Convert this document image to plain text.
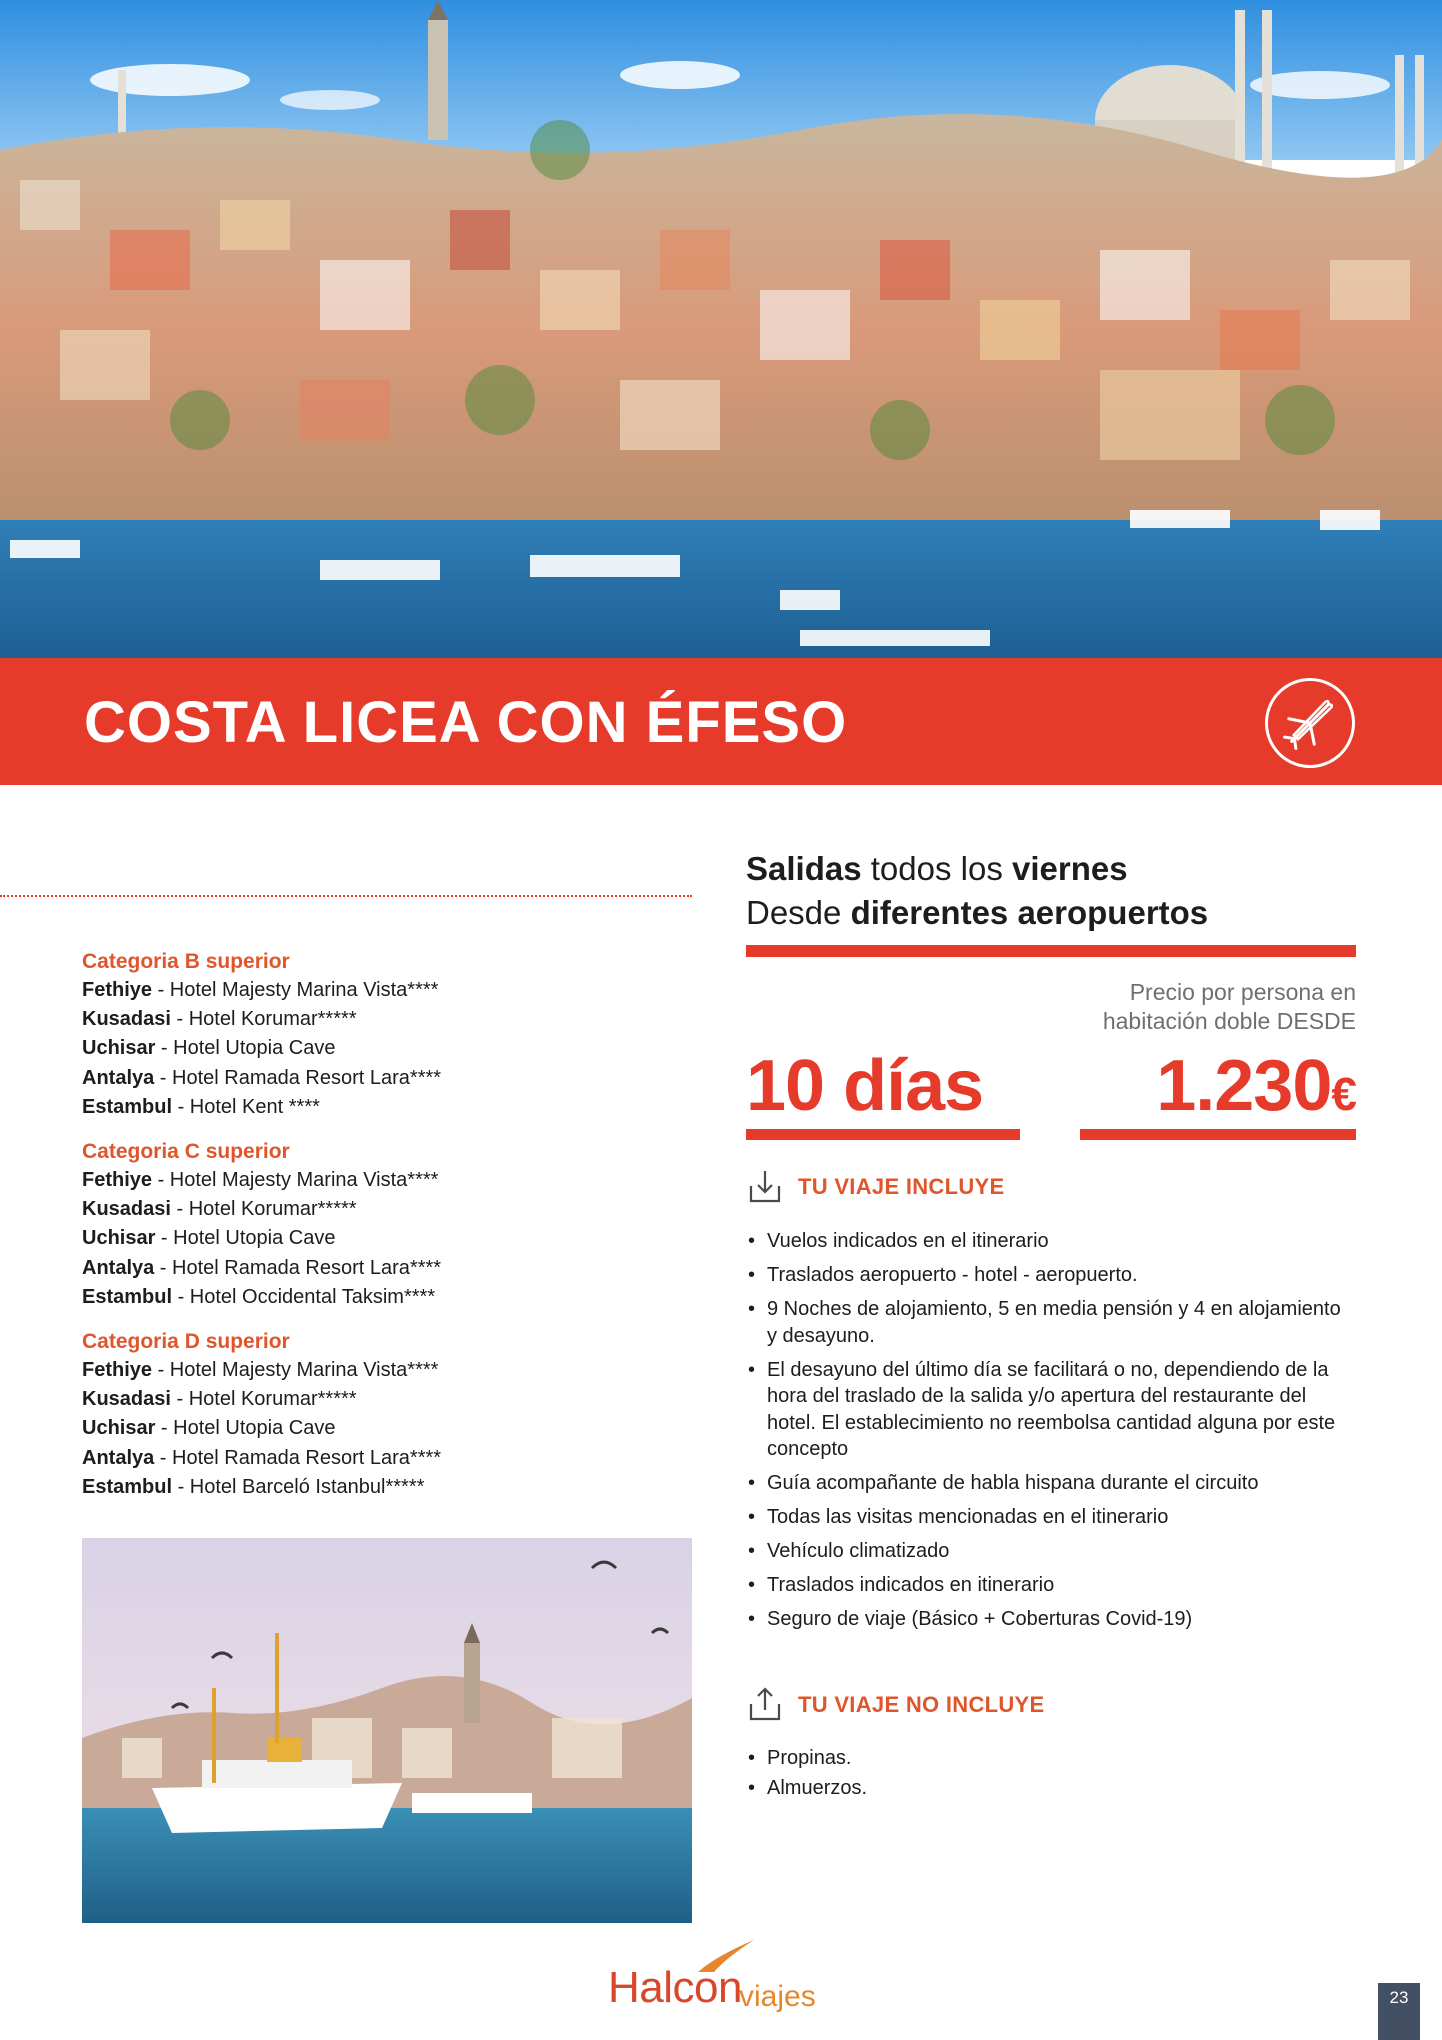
COSTA LICEA CON ÉFESO
Categoria B superior
Fethiye - Hotel Majesty Marina Vista****
Kusadasi - Hotel Korumar*****
Uchisar - Hotel Utopia Cave
Antalya - Hotel Ramada Resort Lara****
Estambul - Hotel Kent ****
Categoria C superior
Fethiye - Hotel Majesty Marina Vista****
Kusadasi - Hotel Korumar*****
Uchisar - Hotel Utopia Cave
Antalya - Hotel Ramada Resort Lara****
Estambul - Hotel Occidental Taksim****
Categoria D superior
Fethiye - Hotel Majesty Marina Vista****
Kusadasi - Hotel Korumar*****
Uchisar - Hotel Utopia Cave
Antalya - Hotel Ramada Resort Lara****
Estambul - Hotel Barceló Istanbul*****
Salidas todos los viernes
Desde diferentes aeropuertos
Precio por persona en
habitación doble DESDE
10 días	1.230€
TU VIAJE INCLUYE
• Vuelos indicados en el itinerario
• Traslados aeropuerto - hotel - aeropuerto.
• 9 Noches de alojamiento, 5 en media pensión y 4 en alojamiento y desayuno.
• El desayuno del último día se facilitará o no, dependiendo de la hora del traslado de la salida y/o apertura del restaurante del hotel. El establecimiento no reembolsa cantidad alguna por este concepto
• Guía acompañante de habla hispana durante el circuito
• Todas las visitas mencionadas en el itinerario
• Vehículo climatizado
• Traslados indicados en itinerario
• Seguro de viaje (Básico + Coberturas Covid-19)
TU VIAJE NO INCLUYE
• Propinas.
• Almuerzos.
Halcon
viajes	23
